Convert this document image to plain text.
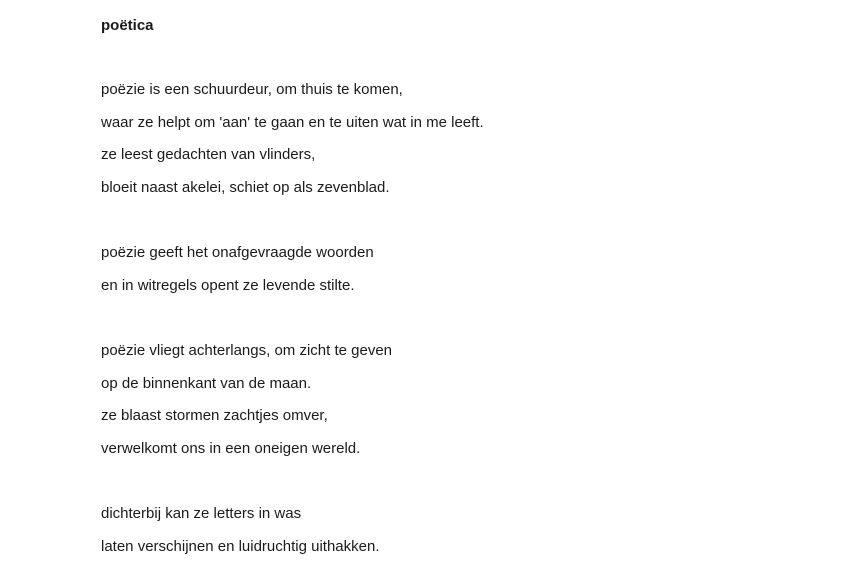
poëtica
poëzie is een schuurdeur, om thuis te komen,
waar ze helpt om 'aan' te gaan en te uiten wat in me leeft.
ze leest gedachten van vlinders,
bloeit naast akelei, schiet op als zevenblad.
poëzie geeft het onafgevraagde woorden
en in witregels opent ze levende stilte.
poëzie vliegt achterlangs, om zicht te geven
op de binnenkant van de maan.
ze blaast stormen zachtjes omver,
verwelkomt ons in een oneigen wereld.
dichterbij kan ze letters in was
laten verschijnen en luidruchtig uithakken.
